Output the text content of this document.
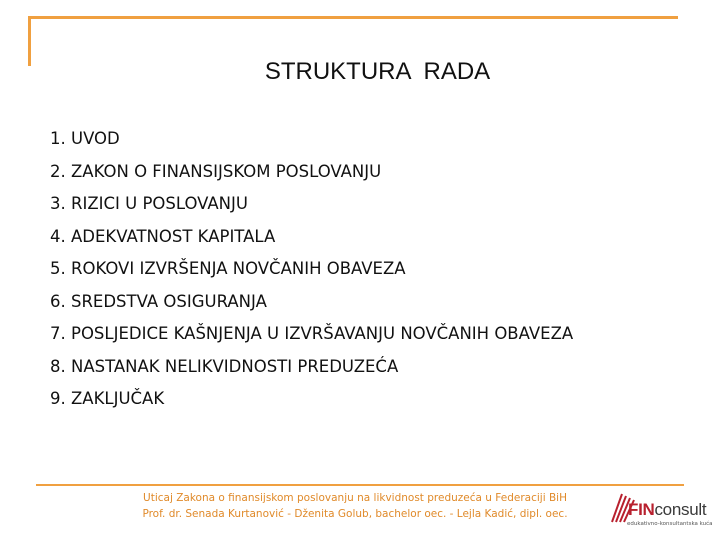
STRUKTURA  RADA
1. UVOD
2. ZAKON O FINANSIJSKOM POSLOVANJU
3. RIZICI U POSLOVANJU
4. ADEKVATNOST KAPITALA
5. ROKOVI IZVRŠENJA NOVČANIH OBAVEZA
6. SREDSTVA OSIGURANJA
7. POSLJEDICE KAŠNJENJA U IZVRŠAVANJU NOVČANIH OBAVEZA
8. NASTANAK NELIKVIDNOSTI PREDUZEĆA
9. ZAKLJUČAK
Uticaj Zakona o finansijskom poslovanju na likvidnost preduzeća u Federaciji BiH
Prof. dr. Senada Kurtanović - Dženita Golub, bachelor oec. - Lejla Kadić, dipl. oec.	FINconsult
edukativno-konsultantska kuća
